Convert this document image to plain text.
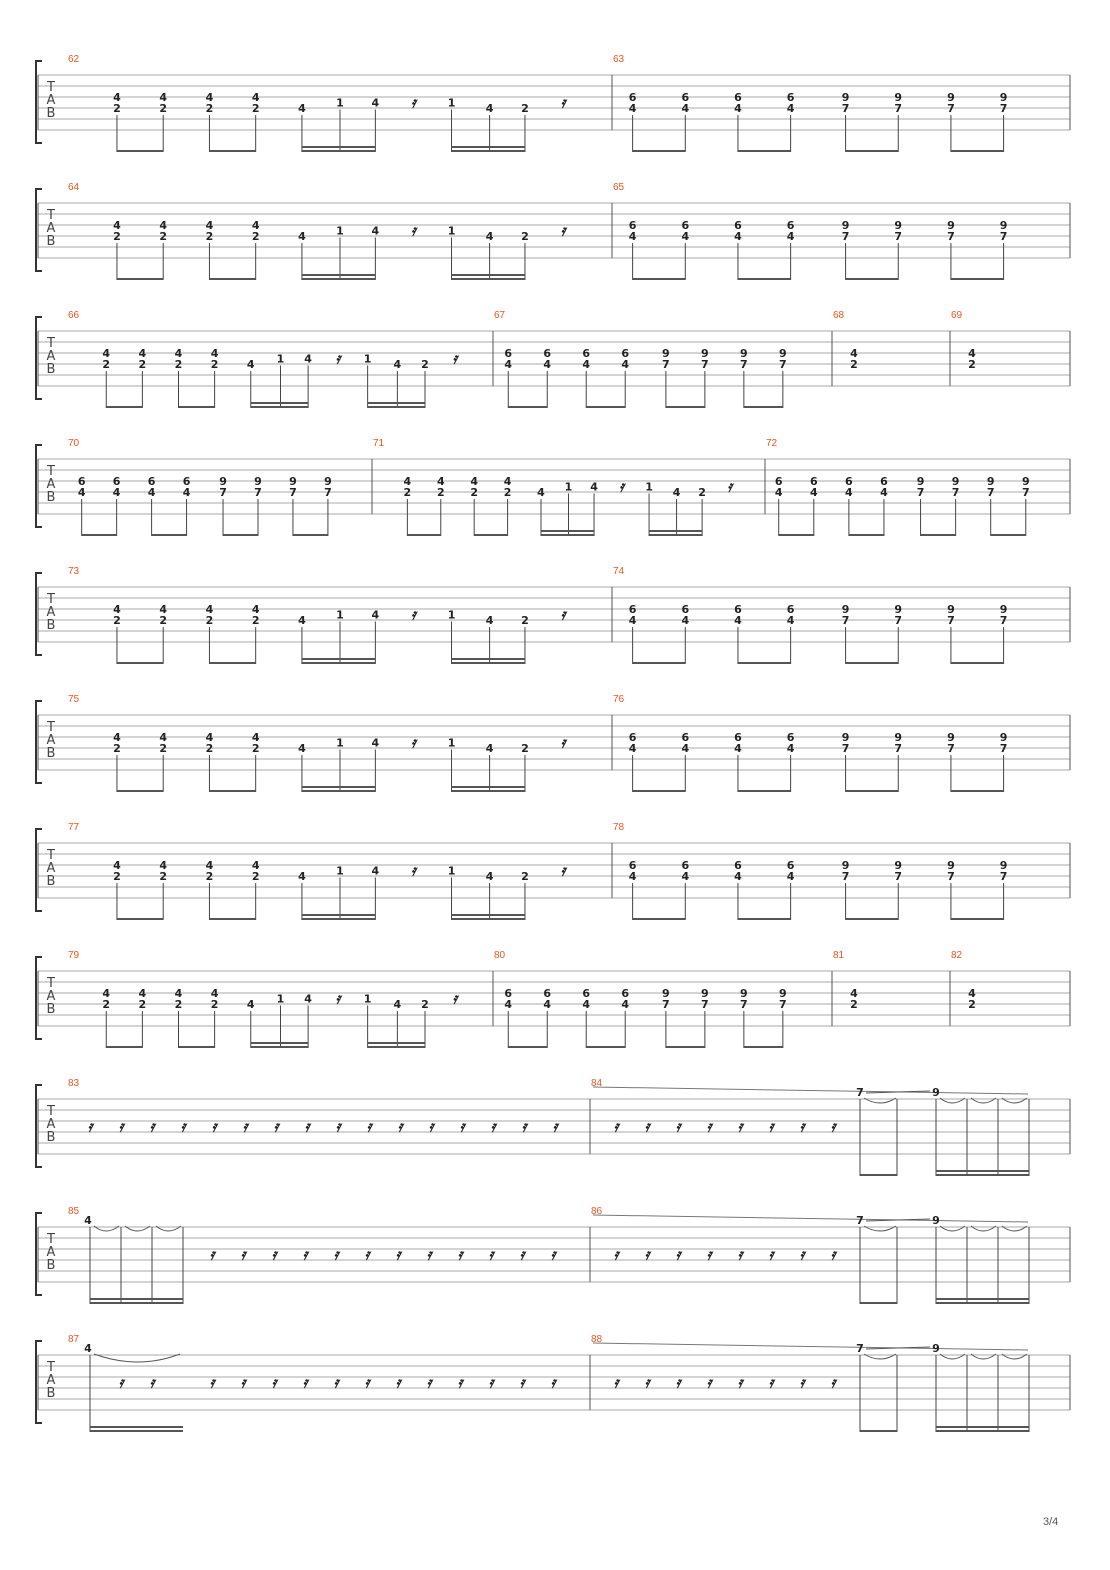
T
A
B
62
4
2
4
2
4
2
4
2	4	1	4 𝄿	1	4	2 𝄿
63
6
4
6
4
6
4
6
4
9
7
9
7
9
7
9
7
T
A
B
64
4
2
4
2
4
2
4
2	4	1	4 𝄿	1	4	2 𝄿
65
6
4
6
4
6
4
6
4
9
7
9
7
9
7
9
7
T
A
B
66
4
2
4
2
4
2
4
2	4 1 4 𝄿 1 4 2 𝄿
67
6
4
6
4
6
4
6
4
9
7
9
7
9
7
9
7
68
4
2
69
4
2
T
A
B
70
6
4
6
4
6
4
6
4
9
7
9
7
9
7
9
7
71
4
2
4
2
4
2
4
2 4 1 4 𝄿 1 4 2 𝄿
72
6
4
6
4
6
4
6
4
9
7
9
7
9
7
9
7
T
A
B
73
4
2
4
2
4
2
4
2	4	1	4 𝄿	1	4	2 𝄿
74
6
4
6
4
6
4
6
4
9
7
9
7
9
7
9
7
T
A
B
75
4
2
4
2
4
2
4
2	4	1	4 𝄿	1	4	2 𝄿
76
6
4
6
4
6
4
6
4
9
7
9
7
9
7
9
7
T
A
B
77
4
2
4
2
4
2
4
2	4	1	4 𝄿	1	4	2 𝄿
78
6
4
6
4
6
4
6
4
9
7
9
7
9
7
9
7
T
A
B
79
4
2
4
2
4
2
4
2	4 1 4 𝄿 1 4 2 𝄿
80
6
4
6
4
6
4
6
4
9
7
9
7
9
7
9
7
81
4
2
82
4
2
T
A
B
83
𝄿 𝄿 𝄿 𝄿 𝄿 𝄿 𝄿 𝄿 𝄿 𝄿 𝄿 𝄿 𝄿 𝄿 𝄿 𝄿
84
𝄿 𝄿 𝄿 𝄿 𝄿 𝄿 𝄿 𝄿
7	9
T
A
B
85
4
𝄿 𝄿 𝄿 𝄿 𝄿 𝄿 𝄿 𝄿 𝄿 𝄿 𝄿 𝄿
86
𝄿 𝄿 𝄿 𝄿 𝄿 𝄿 𝄿 𝄿
7	9
T
A
B
87
4
𝄿 𝄿	𝄿 𝄿 𝄿 𝄿 𝄿 𝄿 𝄿 𝄿 𝄿 𝄿 𝄿 𝄿
88
𝄿 𝄿 𝄿 𝄿 𝄿 𝄿 𝄿 𝄿
7	9
3/4
